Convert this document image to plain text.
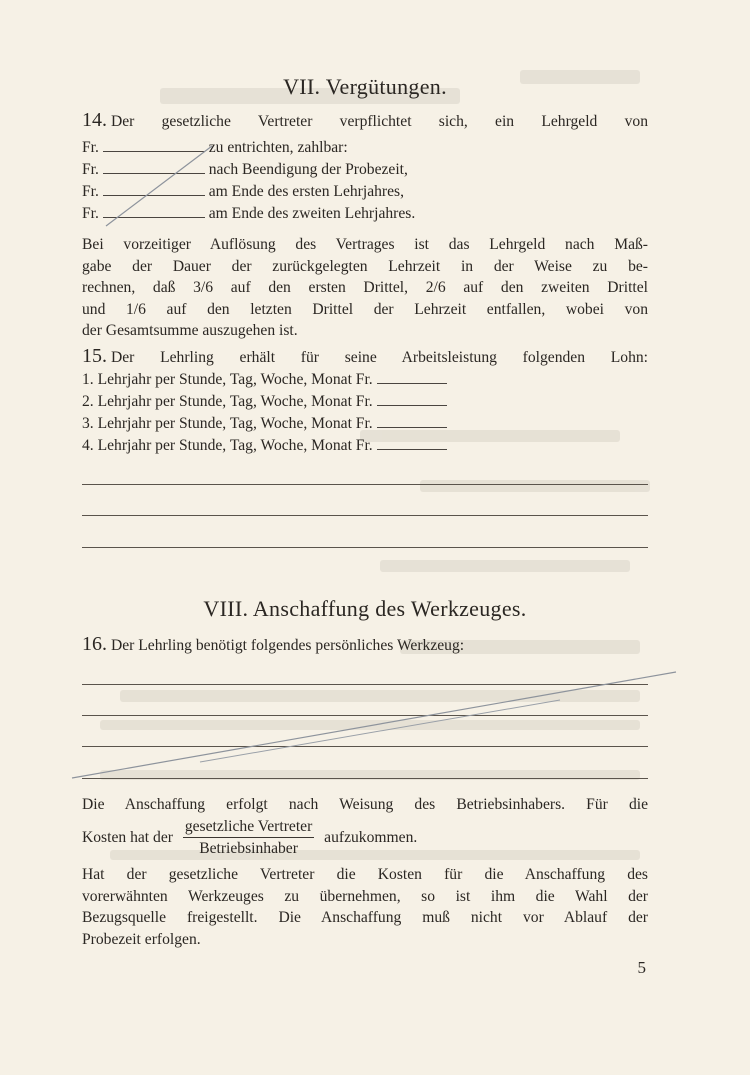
VII. Vergütungen.
14. Der gesetzliche Vertreter verpflichtet sich, ein Lehrgeld von
Fr.	zu entrichten, zahlbar:
Fr.	nach Beendigung der Probezeit,
Fr.	am Ende des ersten Lehrjahres,
Fr.	am Ende des zweiten Lehrjahres.
Bei vorzeitiger Auflösung des Vertrages ist das Lehrgeld nach Maß-
gabe der Dauer der zurückgelegten Lehrzeit in der Weise zu be-
rechnen, daß 3/6 auf den ersten Drittel, 2/6 auf den zweiten Drittel
und 1/6 auf den letzten Drittel der Lehrzeit entfallen, wobei von
der Gesamtsumme auszugehen ist.
15. Der Lehrling erhält für seine Arbeitsleistung folgenden Lohn:
1. Lehrjahr per Stunde, Tag, Woche, Monat Fr.
2. Lehrjahr per Stunde, Tag, Woche, Monat Fr.
3. Lehrjahr per Stunde, Tag, Woche, Monat Fr.
4. Lehrjahr per Stunde, Tag, Woche, Monat Fr.
VIII. Anschaffung des Werkzeuges.
16. Der Lehrling benötigt folgendes persönliches Werkzeug:
Die Anschaffung erfolgt nach Weisung des Betriebsinhabers. Für die
Kosten hat der
gesetzliche Vertreter
Betriebsinhaber
aufzukommen.
Hat der gesetzliche Vertreter die Kosten für die Anschaffung des
vorerwähnten Werkzeuges zu übernehmen, so ist ihm die Wahl der
Bezugsquelle freigestellt. Die Anschaffung muß nicht vor Ablauf der
Probezeit erfolgen.
5
